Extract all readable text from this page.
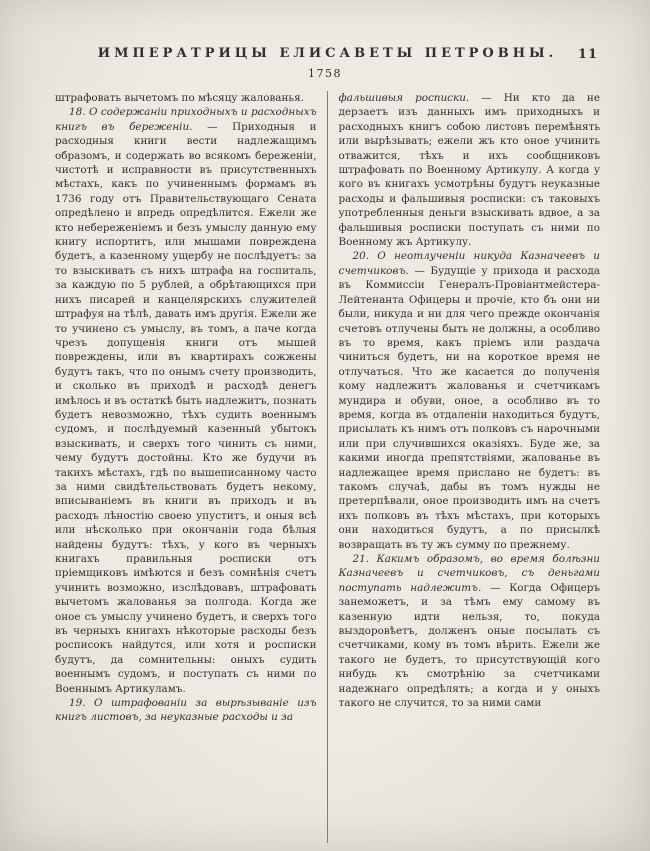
ИМПЕРАТРИЦЫ ЕЛИСАВЕТЫ ПЕТРОВНЫ.	11
1758

штрафовать вычетомъ по мѣсяцу жалованья.

18. О содержаніи приходныхъ и расходныхъ книгъ въ береженіи. — Приходныя и расходныя книги вести надлежащимъ образомъ, и содержать во всякомъ береженіи, чистотѣ и исправности въ присутственныхъ мѣстахъ, какъ по учиненнымъ формамъ въ 1736 году отъ Правительствующаго Сената опредѣлено и впредь опредѣлится. Ежели же кто небереженіемъ и безъ умыслу данную ему книгу испортитъ, или мышами повреждена будетъ, а казенному ущербу не послѣдуетъ: за то взыскивать съ нихъ штрафа на госпиталь, за каждую по 5 рублей, а обрѣтающихся при нихъ писарей и канцелярскихъ служителей штрафуя на тѣлѣ, давать имъ другія. Ежели же то учинено съ умыслу, въ томъ, а паче когда чрезъ допущенія книги отъ мышей повреждены, или въ квартирахъ сожжены будутъ такъ, что по онымъ счету производить, и сколько въ приходѣ и расходѣ денегъ имѣлось и въ остаткѣ быть надлежитъ, познать будетъ невозможно, тѣхъ судить военнымъ судомъ, и послѣдуемый казенный убытокъ взыскивать, и сверхъ того чинить съ ними, чему будутъ достойны. Кто же будучи въ такихъ мѣстахъ, гдѣ по вышеписанному часто за ними свидѣтельствовать будетъ некому, вписываніемъ въ книги въ приходъ и въ расходъ лѣностію своею упуститъ, и оныя всѣ или нѣсколько при окончаніи года бѣлыя найдены будутъ: тѣхъ, у кого въ черныхъ книгахъ правильныя росписки отъ пріемщиковъ имѣются и безъ сомнѣнія счетъ учинить возможно, изслѣдовавъ, штрафовать вычетомъ жалованья за полгода. Когда же оное съ умыслу учинено будетъ, и сверхъ того въ черныхъ книгахъ нѣкоторые расходы безъ росписокъ найдутся, или хотя и росписки будутъ, да сомнительны: оныхъ судить военнымъ судомъ, и поступать съ ними по Военнымъ Артикуламъ.

19. О штрафованіи за вырѣзываніе изъ книгъ листовъ, за неуказные расходы и за

фальшивыя росписки. — Ни кто да не дерзаетъ изъ данныхъ имъ приходныхъ и расходныхъ книгъ собою листовъ перемѣнять или вырѣзывать; ежели жъ кто оное учинить отважится, тѣхъ и ихъ сообщниковъ штрафовать по Военному Артикулу. А когда у кого въ книгахъ усмотрѣны будутъ неуказные расходы и фальшивыя росписки: съ таковыхъ употребленныя деньги взыскивать вдвое, а за фальшивыя росписки поступать съ ними по Военному жъ Артикулу.

20. О неотлученіи никуда Казначеевъ и счетчиковъ. — Будущіе у прихода и расхода въ Коммиссіи Генералъ-Провіантмейстера-Лейтенанта Офицеры и прочіе, кто бъ они ни были, никуда и ни для чего прежде окончанія счетовъ отлучены быть не должны, а особливо въ то время, какъ пріемъ или раздача чиниться будетъ, ни на короткое время не отлучаться. Что же касается до полученія кому надлежитъ жалованья и счетчикамъ мундира и обуви, оное, а особливо въ то время, когда въ отдаленіи находиться будутъ, присылать къ нимъ отъ полковъ съ нарочными или при случившихся оказіяхъ. Буде же, за какими иногда препятствіями, жалованье въ надлежащее время прислано не будетъ: въ такомъ случаѣ, дабы въ томъ нужды не претерпѣвали, оное производить имъ на счетъ ихъ полковъ въ тѣхъ мѣстахъ, при которыхъ они находиться будутъ, а по присылкѣ возвращать въ ту жъ сумму по прежнему.

21. Какимъ образомъ, во время болѣзни Казначеевъ и счетчиковъ, съ деньгами поступать надлежитъ. — Когда Офицеръ занеможетъ, и за тѣмъ ему самому въ казенную идти нельзя, то, покуда выздоровѣетъ, долженъ оные посылать съ счетчиками, кому въ томъ вѣрить. Ежели же такого не будетъ, то присутствующій кого нибудь къ смотрѣнію за счетчиками надежнаго опредѣлять; а когда и у оныхъ такого не случится, то за ними сами
